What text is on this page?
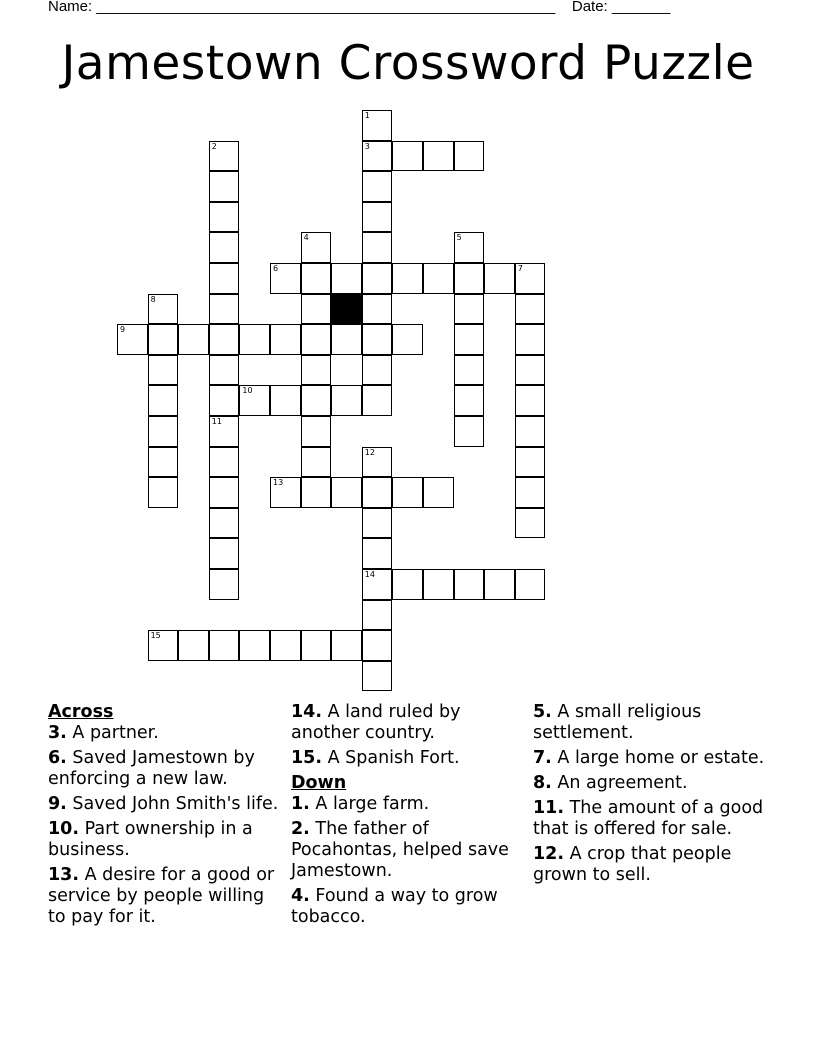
Name: _______________________________________________________ Date: _______
Jamestown Crossword Puzzle
1
3
2
4	5
6	7
8
9
10
11
12
14
13
15
Across
3. A partner.
6. Saved Jamestown by enforcing a new law.
9. Saved John Smith's life.
10. Part ownership in a business.
13. A desire for a good or service by people willing to pay for it.
14. A land ruled by another country.
15. A Spanish Fort.
Down
1. A large farm.
2. The father of Pocahontas, helped save Jamestown.
4. Found a way to grow tobacco.
5. A small religious settlement.
7. A large home or estate.
8. An agreement.
11. The amount of a good that is offered for sale.
12. A crop that people grown to sell.
